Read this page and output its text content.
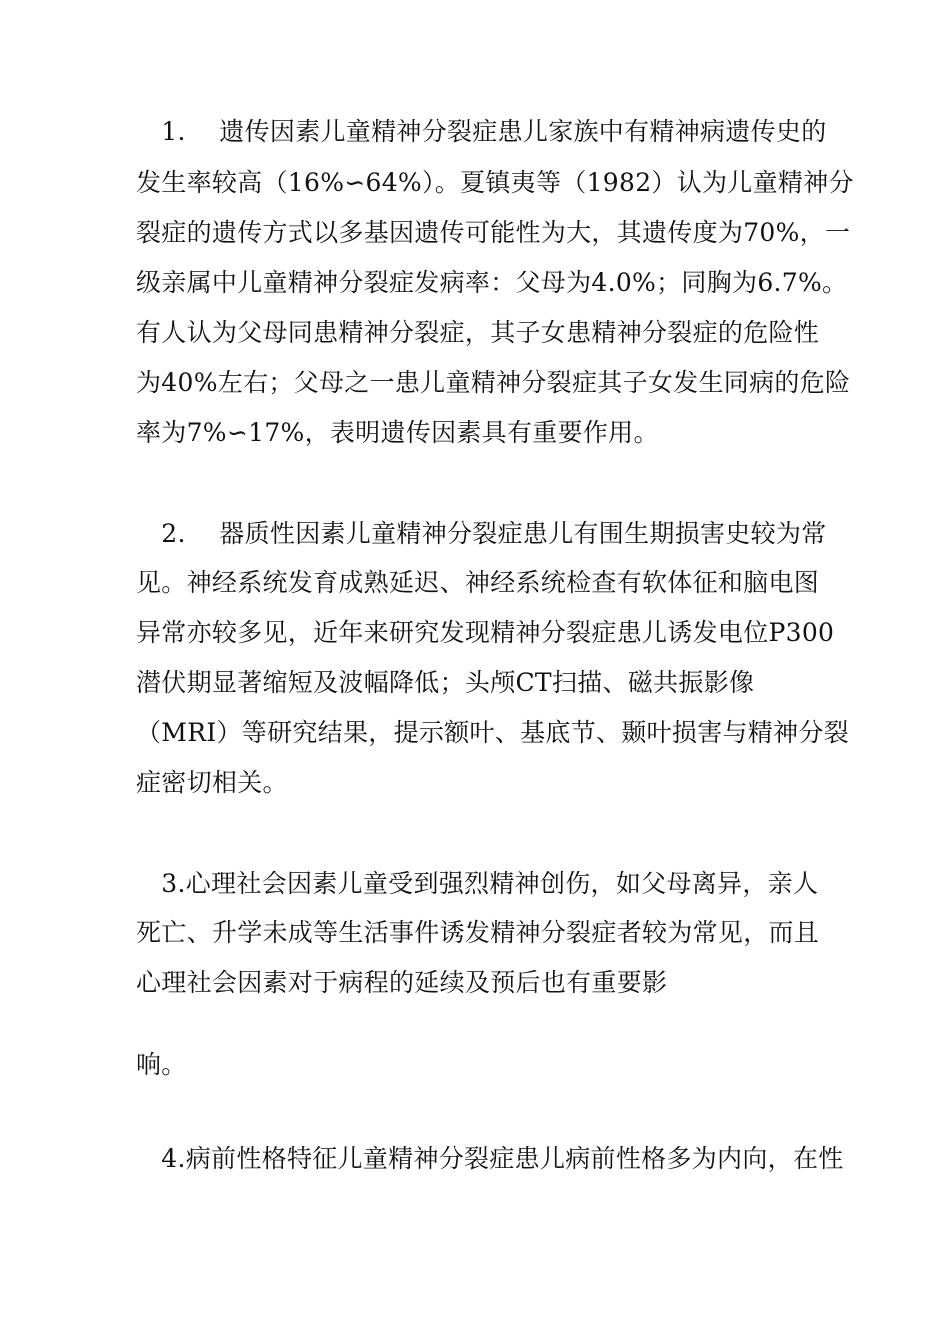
　1.　 遗传因素儿童精神分裂症患儿家族中有精神病遗传史的
发生率较高（16%∽64%）。夏镇夷等（1982）认为儿童精神分
裂症的遗传方式以多基因遗传可能性为大，其遗传度为70%，一
级亲属中儿童精神分裂症发病率：父母为4.0%；同胸为6.7%。
有人认为父母同患精神分裂症，其子女患精神分裂症的危险性
为40%左右；父母之一患儿童精神分裂症其子女发生同病的危险
率为7%∽17%，表明遗传因素具有重要作用。
　2.　 器质性因素儿童精神分裂症患儿有围生期损害史较为常
见。神经系统发育成熟延迟、神经系统检查有软体征和脑电图
异常亦较多见，近年来研究发现精神分裂症患儿诱发电位P300
潜伏期显著缩短及波幅降低；头颅CT扫描、磁共振影像
（MRI）等研究结果，提示额叶、基底节、颞叶损害与精神分裂
症密切相关。
　3.心理社会因素儿童受到强烈精神创伤，如父母离异，亲人
死亡、升学未成等生活事件诱发精神分裂症者较为常见，而且
心理社会因素对于病程的延续及预后也有重要影
响。
　4.病前性格特征儿童精神分裂症患儿病前性格多为内向，在性
